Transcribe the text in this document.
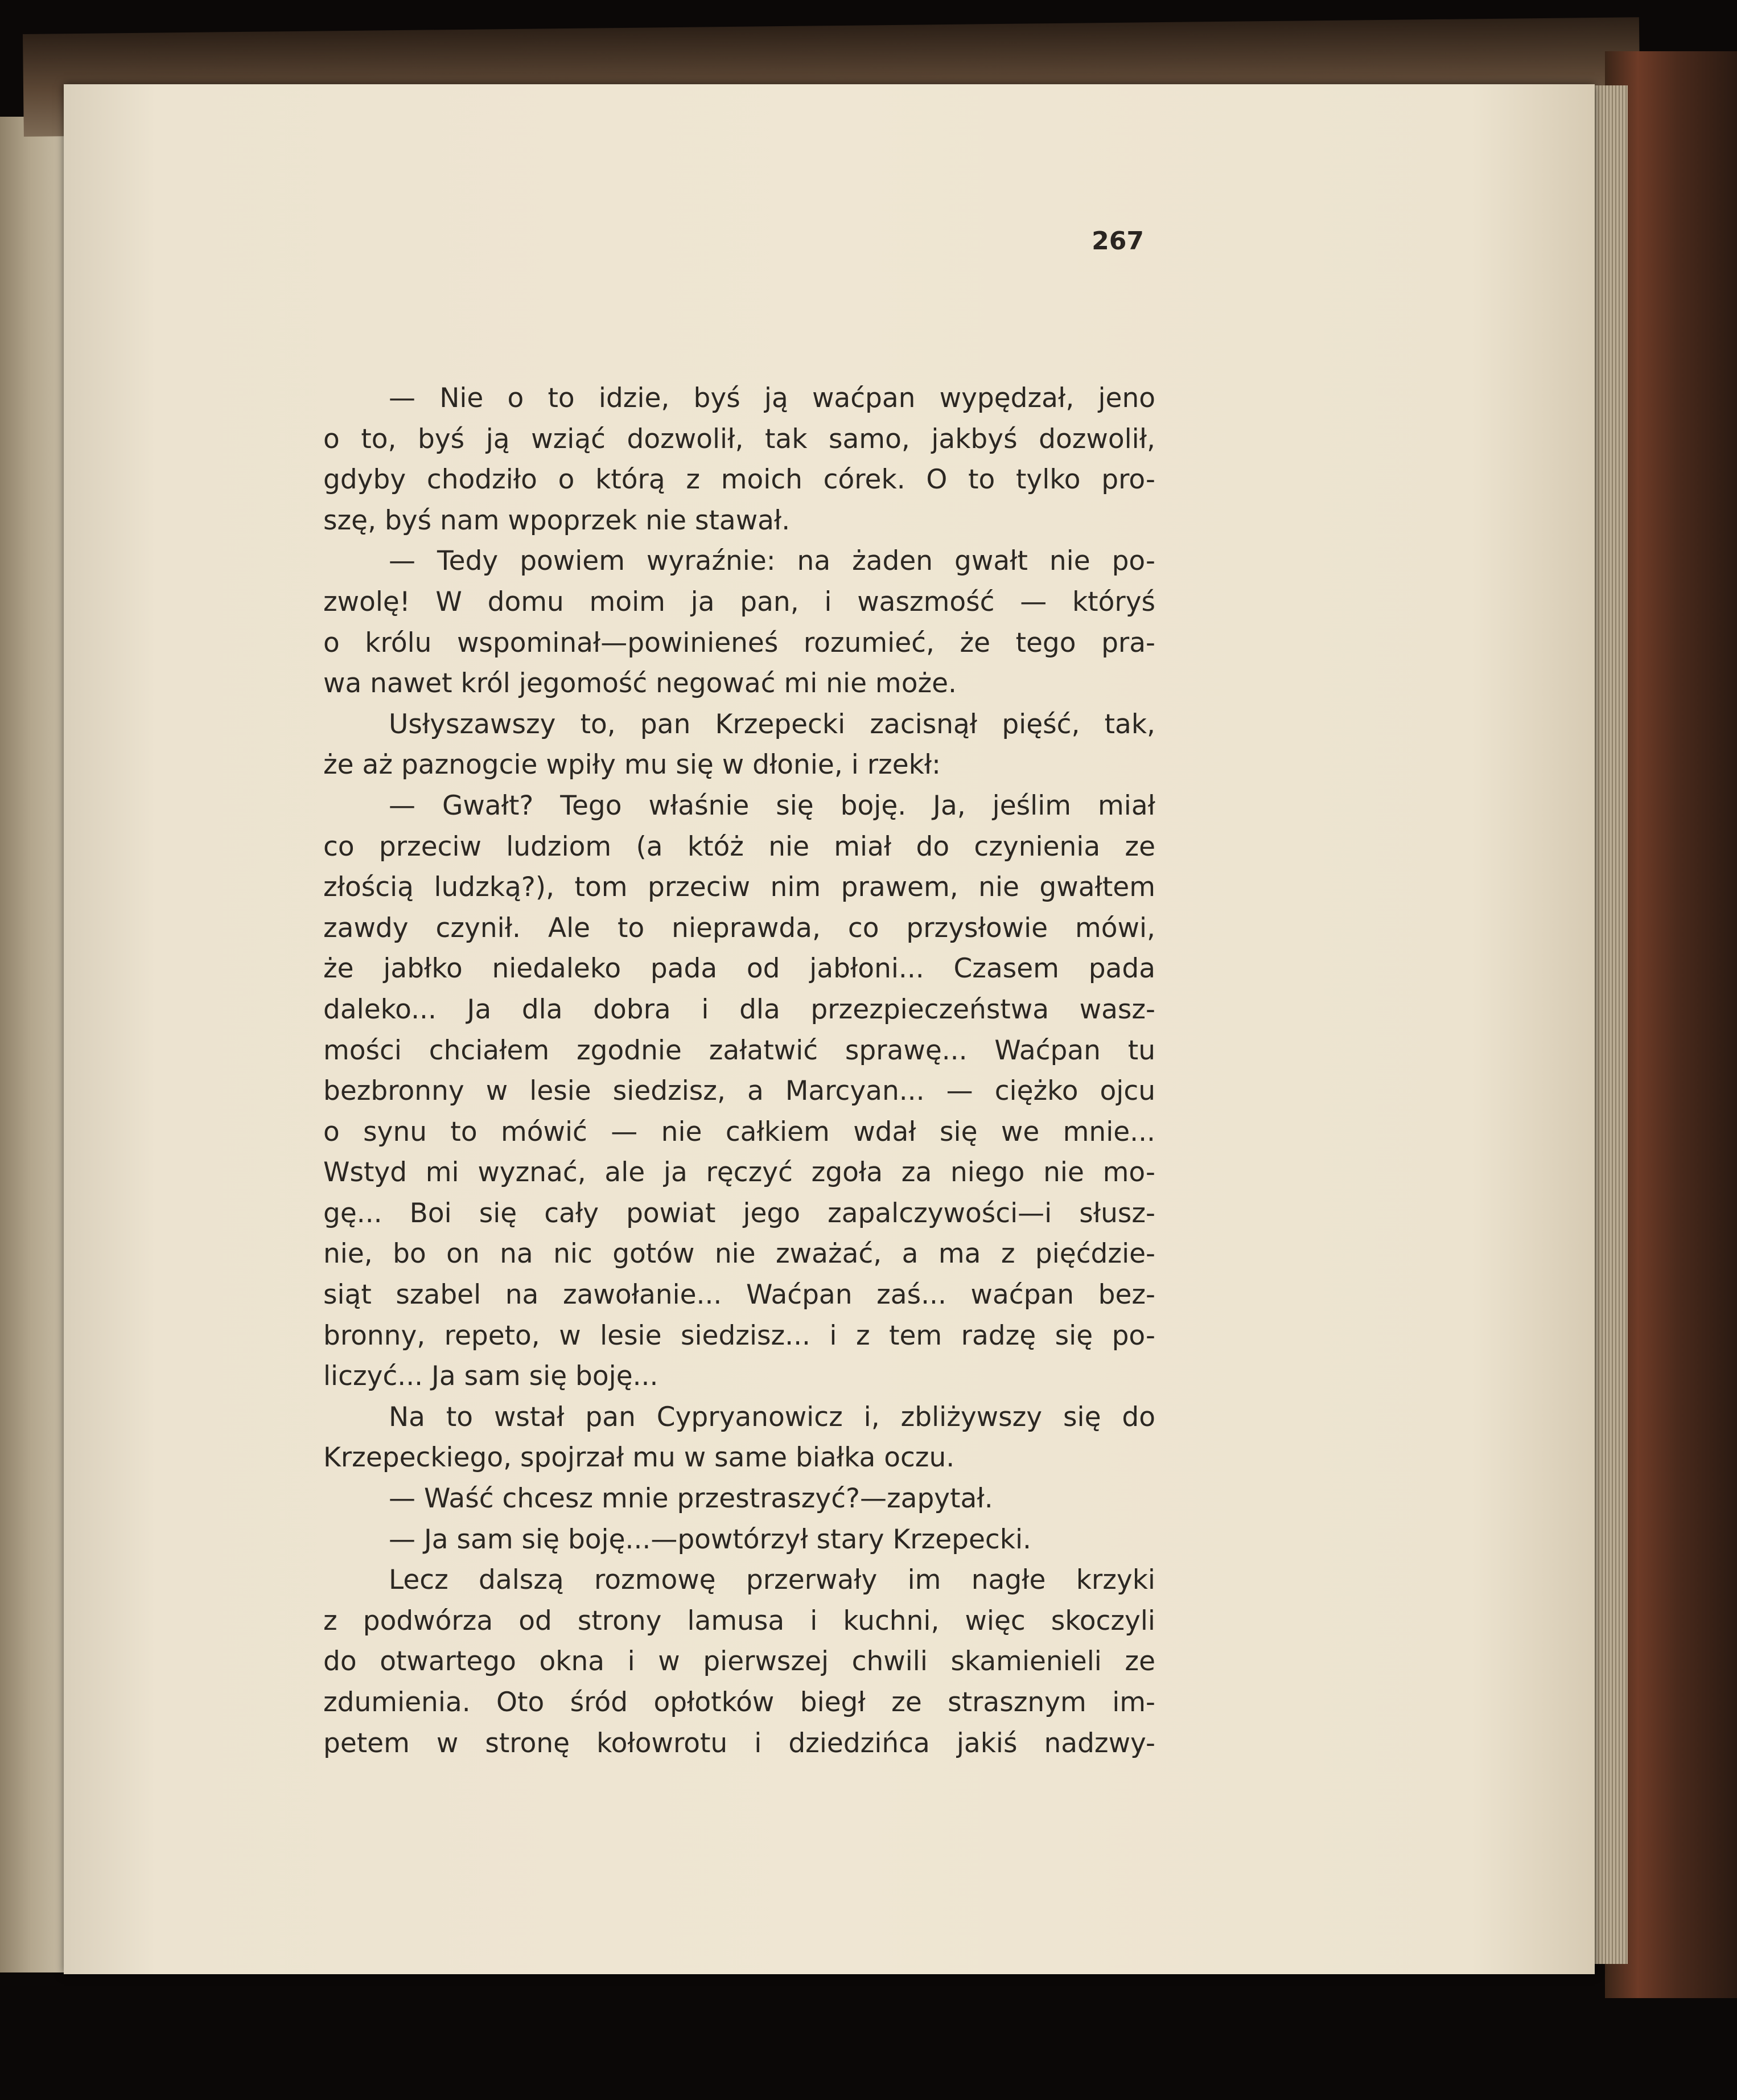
267
— Nie o to idzie, byś ją waćpan wypędzał, jeno
o to, byś ją wziąć dozwolił, tak samo, jakbyś dozwolił,
gdyby chodziło o którą z moich córek. O to tylko pro-
szę, byś nam wpoprzek nie stawał.
— Tedy powiem wyraźnie: na żaden gwałt nie po-
zwolę! W domu moim ja pan, i waszmość — któryś
o królu wspominał—powinieneś rozumieć, że tego pra-
wa nawet król jegomość negować mi nie może.
Usłyszawszy to, pan Krzepecki zacisnął pięść, tak,
że aż paznogcie wpiły mu się w dłonie, i rzekł:
— Gwałt? Tego właśnie się boję. Ja, jeślim miał
co przeciw ludziom (a któż nie miał do czynienia ze
złością ludzką?), tom przeciw nim prawem, nie gwałtem
zawdy czynił. Ale to nieprawda, co przysłowie mówi,
że jabłko niedaleko pada od jabłoni... Czasem pada
daleko... Ja dla dobra i dla przezpieczeństwa wasz-
mości chciałem zgodnie załatwić sprawę... Waćpan tu
bezbronny w lesie siedzisz, a Marcyan... — ciężko ojcu
o synu to mówić — nie całkiem wdał się we mnie...
Wstyd mi wyznać, ale ja ręczyć zgoła za niego nie mo-
gę... Boi się cały powiat jego zapalczywości—i słusz-
nie, bo on na nic gotów nie zważać, a ma z pięćdzie-
siąt szabel na zawołanie... Waćpan zaś... waćpan bez-
bronny, repeto, w lesie siedzisz... i z tem radzę się po-
liczyć... Ja sam się boję...
Na to wstał pan Cypryanowicz i, zbliżywszy się do
Krzepeckiego, spojrzał mu w same białka oczu.
— Waść chcesz mnie przestraszyć?—zapytał.
— Ja sam się boję...—powtórzył stary Krzepecki.
Lecz dalszą rozmowę przerwały im nagłe krzyki
z podwórza od strony lamusa i kuchni, więc skoczyli
do otwartego okna i w pierwszej chwili skamienieli ze
zdumienia. Oto śród opłotków biegł ze strasznym im-
petem w stronę kołowrotu i dziedzińca jakiś nadzwy-
